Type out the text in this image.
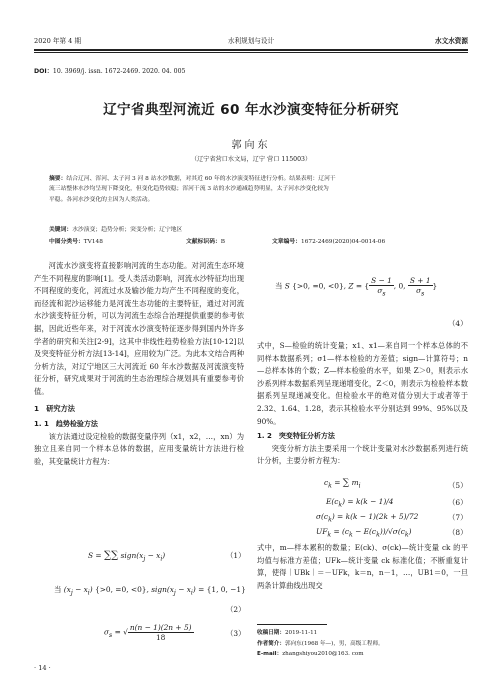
2020 年第 4 期	水利规划与设计	水文水资源
DOI：10. 3969/j. issn. 1672-2469. 2020. 04. 005
辽宁省典型河流近 60 年水沙演变特征分析研究
郭向东
（辽宁省营口水文局，辽宁 营口 115003）
摘要：结合辽河、浑河、太子河 3 河 8 站水沙数据，对其近 60 年的水沙演变特征进行分析。结果表明：辽河干
流三站整体水沙均呈现下降变化，但变化趋势较稳；浑河干流 3 站的水沙通减趋势明显，太子河水沙变化较为
平稳。各河水沙变化的主因为人类活动。
关键词：水沙演变；趋势分析；突变分析；辽宁地区
中图分类号：TV148	文献标识码：B	文章编号：1672-2469(2020)04-0014-06

河流水沙演变将直接影响河流的生态功能。对河流生态环境产生不同程度的影响[1]。受人类活动影响，河流水沙特征均出现不同程度的变化，河流过水及输沙能力均产生不同程度的变化，而径流和泥沙运移能力是河流生态功能的主要特征，通过对河流水沙演变特征分析，可以为河流生态综合治理提供重要的参考依据，因此近些年来，对于河流水沙演变特征逐步得到国内外许多学者的研究和关注[2-9]，这其中非线性趋势检验方法[10-12]以及突变特征分析方法[13-14]，应用较为广泛。为此本文结合两种分析方法，对辽宁地区三大河流近 60 年水沙数据及河流演变特征分析，研究成果对于河流的生态治理综合规划具有重要参考价值。

1　研究方法
1. 1　趋势检验方法

该方法通过设定检验的数据变量序列（x1，x2，…，xn）为独立且来自同一个样本总体的数据，应用变量统计方法进行检验，其变量统计方程为：

S = ∑∑ $sign(x_j - x_i)$	（1）
当 $(x_j - x_i)$ {>0, =0, <0}, $sign(x_j - x_i) = \{1$, 0, −1}
（2）
$\sigma_s$ = √ $\frac{n(n - 1)(2n + 5)}{18}$	（3）
当 S {>0, =0, <0}, Z = { $\frac{S - 1}{\sigma_s}$ , 0, $\frac{S + 1}{\sigma_s}$ }
（4）

式中，S—检验的统计变量；x1、x1—来自同一个样本总体的不同样本数据系列；σ1—样本检验的方差值；sign—计算符号；n—总样本体的个数；Z—样本检验的水平，如果 Z＞0，则表示水沙系列样本数据系列呈现递增变化，Z＜0，则表示为检验样本数据系列呈现递减变化。但检验水平的绝对值分别大于或者等于 2.32、1.64、1.28，表示其检验水平分别达到 99%、95%以及 90%。

1. 2　突变特征分析方法

突变分析方法主要采用一个统计变量对水沙数据系列进行统计分析，主要分析方程为：

$c_k$ = ∑ $m_i$	（5）
$E(c_k) = k(k - 1)/4$	（6）
$\sigma(c_k) = k(k - 1)(2k + 5)/72$	（7）
$UF_k = (c_k - E(c_k))/√\sigma(c_k)$	（8）

式中，m—样本累积的数量；E(ck)、σ(ck)—统计变量 ck 的平均值与标准方差值；UFk—统计变量 ck 标准化值；不断重复计算，使得｜UBk｜＝－UFk，k＝n，n－1，…，UB1＝0，一旦两条计算曲线出现交

收稿日期：2019-11-11
作者简介：郭向东(1968 年—)，男，高级工程师。
E-mail：zhangshiyou2010@163. com
· 14 ·
